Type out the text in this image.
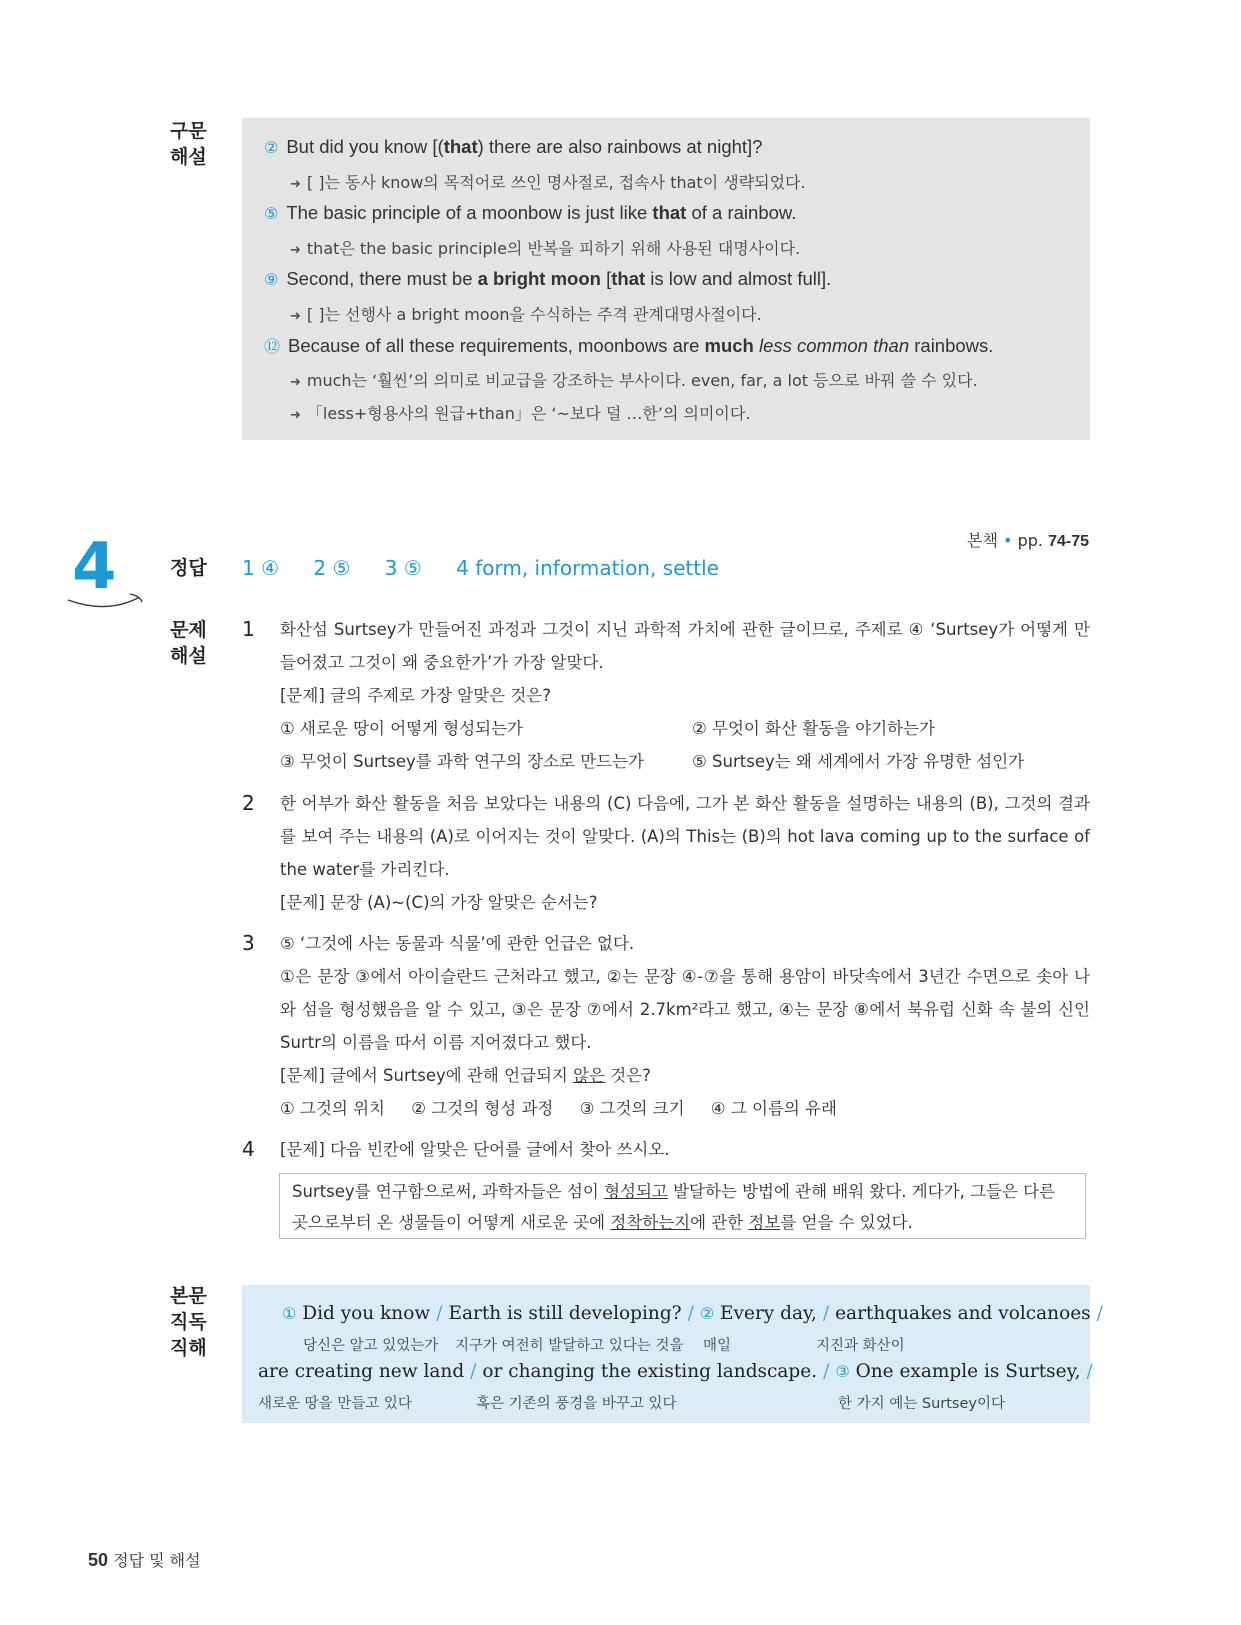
구문
해설	② But did you know [(that) there are also rainbows at night]?
➜ [ ]는 동사 know의 목적어로 쓰인 명사절로, 접속사 that이 생략되었다.
⑤ The basic principle of a moonbow is just like that of a rainbow.
➜ that은 the basic principle의 반복을 피하기 위해 사용된 대명사이다.
⑨ Second, there must be a bright moon [that is low and almost full].
➜ [ ]는 선행사 a bright moon을 수식하는 주격 관계대명사절이다.
⑫ Because of all these requirements, moonbows are much less common than rainbows.
➜ much는 ‘훨씬’의 의미로 비교급을 강조하는 부사이다. even, far, a lot 등으로 바꿔 쓸 수 있다.
➜ 「less+형용사의 원급+than」은 ‘~보다 덜 …한’의 의미이다.
4	본책 • pp. 74-75
정답 1 ④ 2 ⑤ 3 ⑤ 4 form, information, settle
문제
해설
1 화산섬 Surtsey가 만들어진 과정과 그것이 지닌 과학적 가치에 관한 글이므로, 주제로 ④ ‘Surtsey가 어떻게 만들어졌고 그것이 왜 중요한가’가 가장 알맞다.

[문제] 글의 주제로 가장 알맞은 것은?

① 새로운 땅이 어떻게 형성되는가	② 무엇이 화산 활동을 야기하는가

③ 무엇이 Surtsey를 과학 연구의 장소로 만드는가	⑤ Surtsey는 왜 세계에서 가장 유명한 섬인가

2 한 어부가 화산 활동을 처음 보았다는 내용의 (C) 다음에, 그가 본 화산 활동을 설명하는 내용의 (B), 그것의 결과를 보여 주는 내용의 (A)로 이어지는 것이 알맞다. (A)의 This는 (B)의 hot lava coming up to the surface of the water를 가리킨다.

[문제] 문장 (A)~(C)의 가장 알맞은 순서는?

3 ⑤ ‘그것에 사는 동물과 식물’에 관한 언급은 없다.

①은 문장 ③에서 아이슬란드 근처라고 했고, ②는 문장 ④-⑦을 통해 용암이 바닷속에서 3년간 수면으로 솟아 나와 섬을 형성했음을 알 수 있고, ③은 문장 ⑦에서 2.7km²라고 했고, ④는 문장 ⑧에서 북유럽 신화 속 불의 신인 Surtr의 이름을 따서 이름 지어졌다고 했다.

[문제] 글에서 Surtsey에 관해 언급되지 않은 것은?

① 그것의 위치 ② 그것의 형성 과정 ③ 그것의 크기 ④ 그 이름의 유래

4 [문제] 다음 빈칸에 알맞은 단어를 글에서 찾아 쓰시오.

Surtsey를 연구함으로써, 과학자들은 섬이 형성되고 발달하는 방법에 관해 배워 왔다. 게다가, 그들은 다른 곳으로부터 온 생물들이 어떻게 새로운 곳에 정착하는지에 관한 정보를 얻을 수 있었다.
본문
직독
직해
① Did you know / Earth is still developing? / ② Every day, / earthquakes and volcanoes /
당신은 알고 있었는가 지구가 여전히 발달하고 있다는 것을 매일	지진과 화산이
are creating new land / or changing the existing landscape. / ③ One example is Surtsey, /
새로운 땅을 만들고 있다	혹은 기존의 풍경을 바꾸고 있다	한 가지 예는 Surtsey이다
50 정답 및 해설
